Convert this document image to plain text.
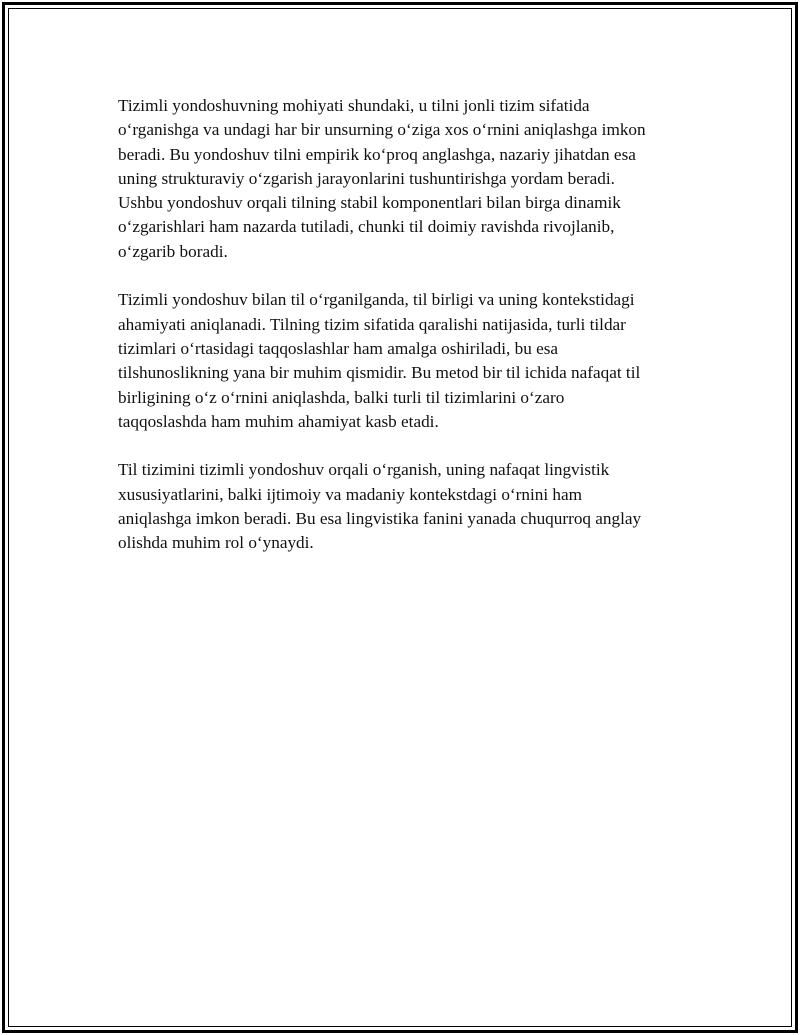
Tizimli yondoshuvning mohiyati shundaki, u tilni jonli tizim sifatida
o‘rganishga va undagi har bir unsurning o‘ziga xos o‘rnini aniqlashga imkon
beradi. Bu yondoshuv tilni empirik ko‘proq anglashga, nazariy jihatdan esa
uning strukturaviy o‘zgarish jarayonlarini tushuntirishga yordam beradi.
Ushbu yondoshuv orqali tilning stabil komponentlari bilan birga dinamik
o‘zgarishlari ham nazarda tutiladi, chunki til doimiy ravishda rivojlanib,
o‘zgarib boradi.

Tizimli yondoshuv bilan til o‘rganilganda, til birligi va uning kontekstidagi
ahamiyati aniqlanadi. Tilning tizim sifatida qaralishi natijasida, turli tildar
tizimlari o‘rtasidagi taqqoslashlar ham amalga oshiriladi, bu esa
tilshunoslikning yana bir muhim qismidir. Bu metod bir til ichida nafaqat til
birligining o‘z o‘rnini aniqlashda, balki turli til tizimlarini o‘zaro
taqqoslashda ham muhim ahamiyat kasb etadi.

Til tizimini tizimli yondoshuv orqali o‘rganish, uning nafaqat lingvistik
xususiyatlarini, balki ijtimoiy va madaniy kontekstdagi o‘rnini ham
aniqlashga imkon beradi. Bu esa lingvistika fanini yanada chuqurroq anglay
olishda muhim rol o‘ynaydi.
